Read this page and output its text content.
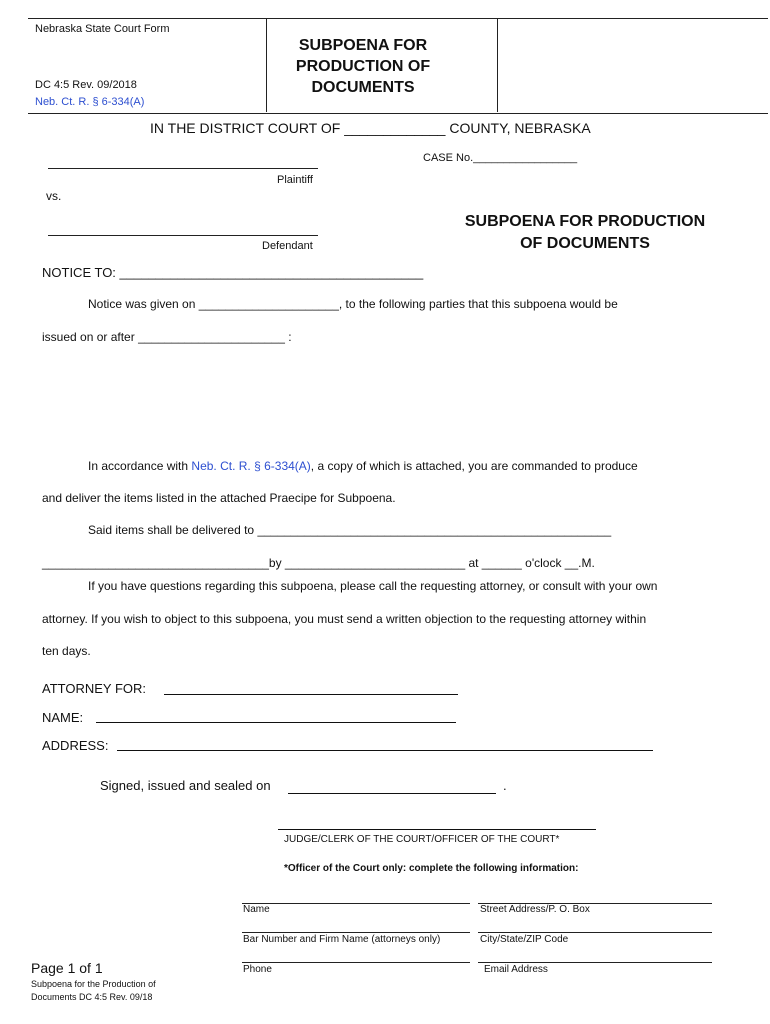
Nebraska State Court Form
DC 4:5 Rev. 09/2018
Neb. Ct. R. § 6-334(A)
SUBPOENA FOR
PRODUCTION OF
DOCUMENTS
IN THE DISTRICT COURT OF _____________ COUNTY, NEBRASKA
CASE No._________________
Plaintiff
vs.
Defendant
SUBPOENA FOR PRODUCTION
OF DOCUMENTS
NOTICE TO: __________________________________________
Notice was given on _____________________, to the following parties that this subpoena would be
issued on or after ______________________ :
In accordance with Neb. Ct. R. § 6-334(A), a copy of which is attached, you are commanded to produce
and deliver the items listed in the attached Praecipe for Subpoena.
Said items shall be delivered to _____________________________________________________
__________________________________by ___________________________ at ______ o'clock __.M.
If you have questions regarding this subpoena, please call the requesting attorney, or consult with your own
attorney. If you wish to object to this subpoena, you must send a written objection to the requesting attorney within
ten days.
ATTORNEY FOR:
NAME:
ADDRESS:
Signed, issued and sealed on	.
JUDGE/CLERK OF THE COURT/OFFICER OF THE COURT*
*Officer of the Court only: complete the following information:
Name	Street Address/P. O. Box
Bar Number and Firm Name (attorneys only)	City/State/ZIP Code
Phone	Email Address
Page 1 of 1
Subpoena for the Production of
Documents DC 4:5 Rev. 09/18
